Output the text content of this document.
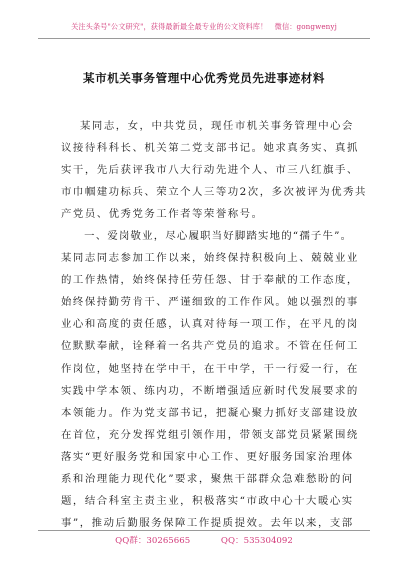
关注头条号"公文研究"，获得最新最全最专业的公文资料库！　微信：gongwenyj
某市机关事务管理中心优秀党员先进事迹材料
某同志，女，中共党员，现任市机关事务管理中心会
议接待科科长、机关第二党支部书记。她求真务实、真抓
实干，先后获评我市八大行动先进个人、市三八红旗手、
市巾帼建功标兵、荣立个人三等功2次，多次被评为优秀共
产党员、优秀党务工作者等荣誉称号。
　　一、爱岗敬业，尽心履职当好脚踏实地的“孺子牛”。
某同志同志参加工作以来，始终保持积极向上、兢兢业业
的工作热情，始终保持任劳任怨、甘于奉献的工作态度，
始终保持勤劳肯干、严谨细致的工作作风。她以强烈的事
业心和高度的责任感，认真对待每一项工作，在平凡的岗
位默默奉献，诠释着一名共产党员的追求。不管在任何工
作岗位，她坚持在学中干，在干中学，干一行爱一行，在
实践中学本领、练内功，不断增强适应新时代发展要求的
本领能力。作为党支部书记，把凝心聚力抓好支部建设放
在首位，充分发挥党组引领作用，带领支部党员紧紧围绕
落实“更好服务党和国家中心工作、更好服务国家治理体
系和治理能力现代化”要求，聚焦干部群众急难愁盼的问
题，结合科室主责主业，积极落实“市政中心十大暖心实
事”，推动后勤服务保障工作提质提效。去年以来，支部
QQ群：30265665	QQ：535304092
